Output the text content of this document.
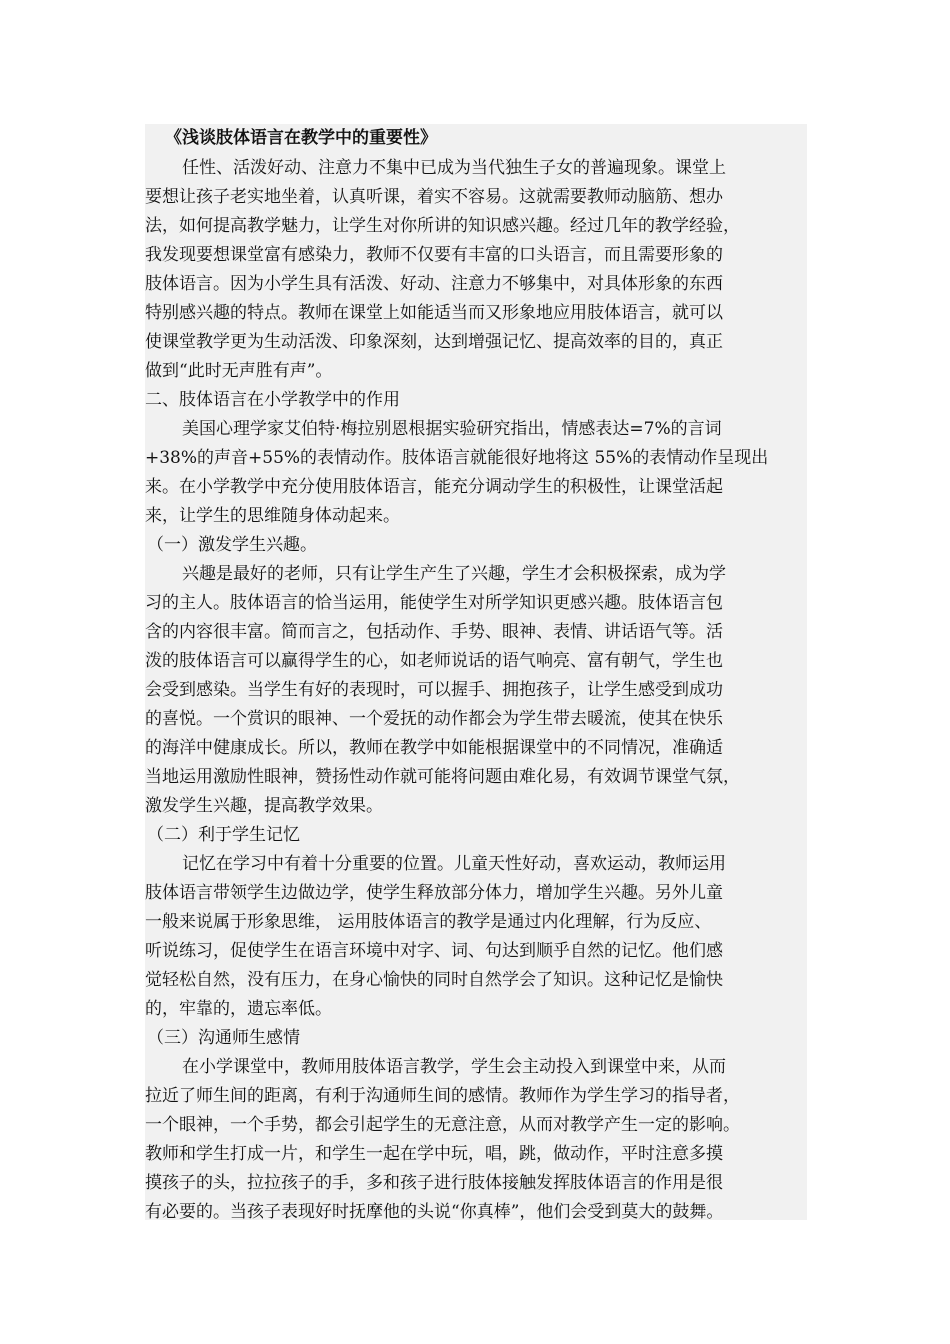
《浅谈肢体语言在教学中的重要性》
任性、活泼好动、注意力不集中已成为当代独生子女的普遍现象。课堂上
要想让孩子老实地坐着，认真听课，着实不容易。这就需要教师动脑筋、想办
法，如何提高教学魅力，让学生对你所讲的知识感兴趣。经过几年的教学经验，
我发现要想课堂富有感染力，教师不仅要有丰富的口头语言，而且需要形象的
肢体语言。因为小学生具有活泼、好动、注意力不够集中，对具体形象的东西
特别感兴趣的特点。教师在课堂上如能适当而又形象地应用肢体语言，就可以
使课堂教学更为生动活泼、印象深刻，达到增强记忆、提高效率的目的，真正
做到“此时无声胜有声”。
二、肢体语言在小学教学中的作用
美国心理学家艾伯特·梅拉别恩根据实验研究指出，情感表达=7%的言词
+38%的声音+55%的表情动作。肢体语言就能很好地将这 55%的表情动作呈现出
来。在小学教学中充分使用肢体语言，能充分调动学生的积极性，让课堂活起
来，让学生的思维随身体动起来。
（一）激发学生兴趣。
兴趣是最好的老师，只有让学生产生了兴趣，学生才会积极探索，成为学
习的主人。肢体语言的恰当运用，能使学生对所学知识更感兴趣。肢体语言包
含的内容很丰富。简而言之，包括动作、手势、眼神、表情、讲话语气等。活
泼的肢体语言可以赢得学生的心，如老师说话的语气响亮、富有朝气，学生也
会受到感染。当学生有好的表现时，可以握手、拥抱孩子，让学生感受到成功
的喜悦。一个赏识的眼神、一个爱抚的动作都会为学生带去暖流，使其在快乐
的海洋中健康成长。所以，教师在教学中如能根据课堂中的不同情况，准确适
当地运用激励性眼神，赞扬性动作就可能将问题由难化易，有效调节课堂气氛，
激发学生兴趣，提高教学效果。
（二）利于学生记忆
记忆在学习中有着十分重要的位置。儿童天性好动，喜欢运动，教师运用
肢体语言带领学生边做边学，使学生释放部分体力，增加学生兴趣。另外儿童
一般来说属于形象思维， 运用肢体语言的教学是通过内化理解，行为反应、
听说练习，促使学生在语言环境中对字、词、句达到顺乎自然的记忆。他们感
觉轻松自然，没有压力，在身心愉快的同时自然学会了知识。这种记忆是愉快
的，牢靠的，遗忘率低。
（三）沟通师生感情
在小学课堂中，教师用肢体语言教学，学生会主动投入到课堂中来，从而
拉近了师生间的距离，有利于沟通师生间的感情。教师作为学生学习的指导者，
一个眼神，一个手势，都会引起学生的无意注意，从而对教学产生一定的影响。
教师和学生打成一片，和学生一起在学中玩，唱，跳，做动作，平时注意多摸
摸孩子的头，拉拉孩子的手，多和孩子进行肢体接触发挥肢体语言的作用是很
有必要的。当孩子表现好时抚摩他的头说“你真棒”，他们会受到莫大的鼓舞。
